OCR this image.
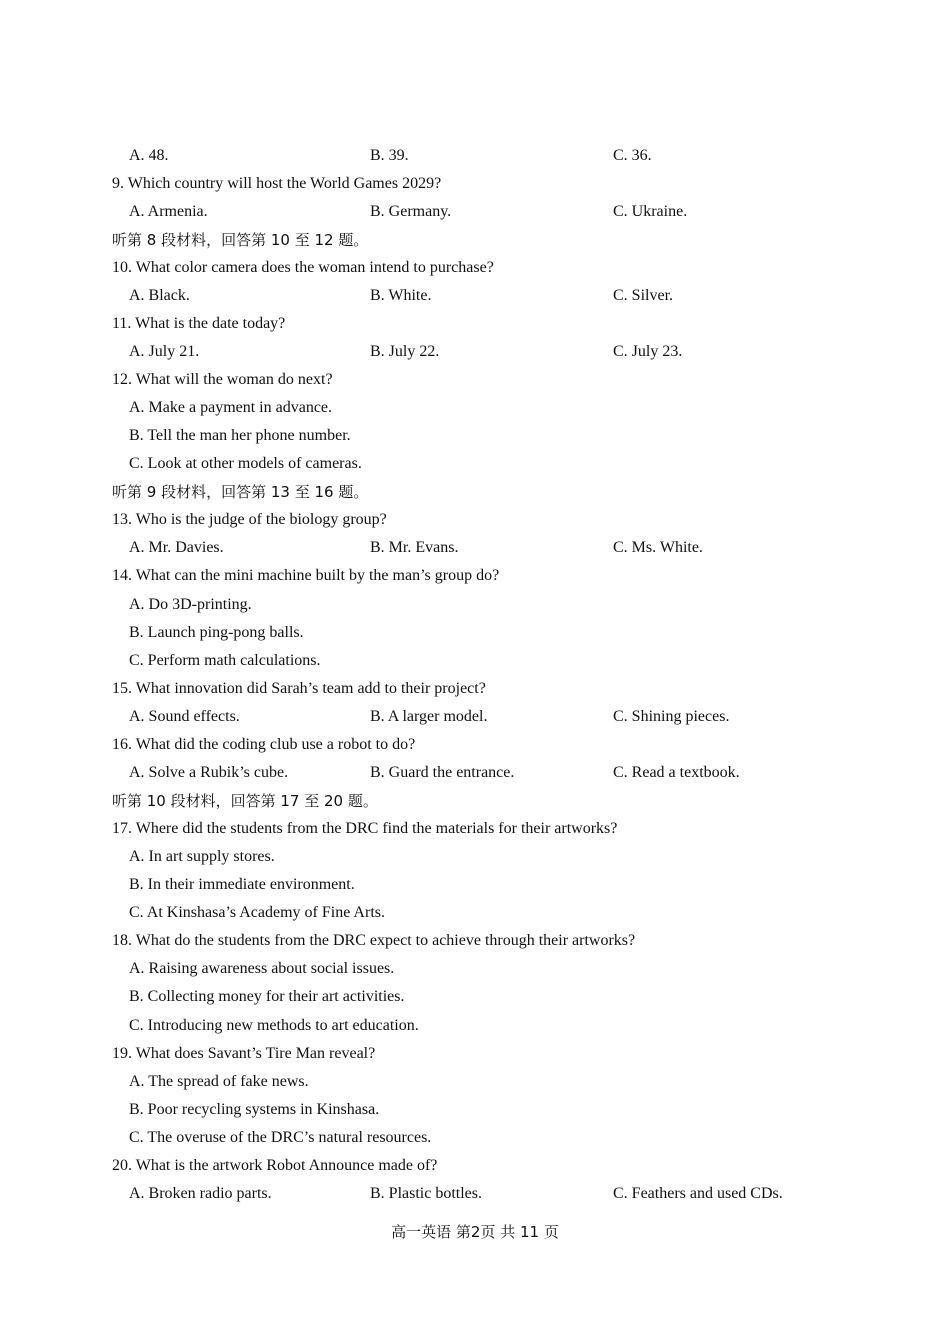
A. 48.	B. 39.	C. 36.
9. Which country will host the World Games 2029?
A. Armenia.	B. Germany.	C. Ukraine.
听第 8 段材料，回答第 10 至 12 题。
10. What color camera does the woman intend to purchase?
A. Black.	B. White.	C. Silver.
11. What is the date today?
A. July 21.	B. July 22.	C. July 23.
12. What will the woman do next?
A. Make a payment in advance.
B. Tell the man her phone number.
C. Look at other models of cameras.
听第 9 段材料，回答第 13 至 16 题。
13. Who is the judge of the biology group?
A. Mr. Davies.	B. Mr. Evans.	C. Ms. White.
14. What can the mini machine built by the man’s group do?
A. Do 3D-printing.
B. Launch ping-pong balls.
C. Perform math calculations.
15. What innovation did Sarah’s team add to their project?
A. Sound effects.	B. A larger model.	C. Shining pieces.
16. What did the coding club use a robot to do?
A. Solve a Rubik’s cube.	B. Guard the entrance.	C. Read a textbook.
听第 10 段材料，回答第 17 至 20 题。
17. Where did the students from the DRC find the materials for their artworks?
A. In art supply stores.
B. In their immediate environment.
C. At Kinshasa’s Academy of Fine Arts.
18. What do the students from the DRC expect to achieve through their artworks?
A. Raising awareness about social issues.
B. Collecting money for their art activities.
C. Introducing new methods to art education.
19. What does Savant’s Tire Man reveal?
A. The spread of fake news.
B. Poor recycling systems in Kinshasa.
C. The overuse of the DRC’s natural resources.
20. What is the artwork Robot Announce made of?
A. Broken radio parts.	B. Plastic bottles.	C. Feathers and used CDs.
高一英语 第2页 共 11 页
